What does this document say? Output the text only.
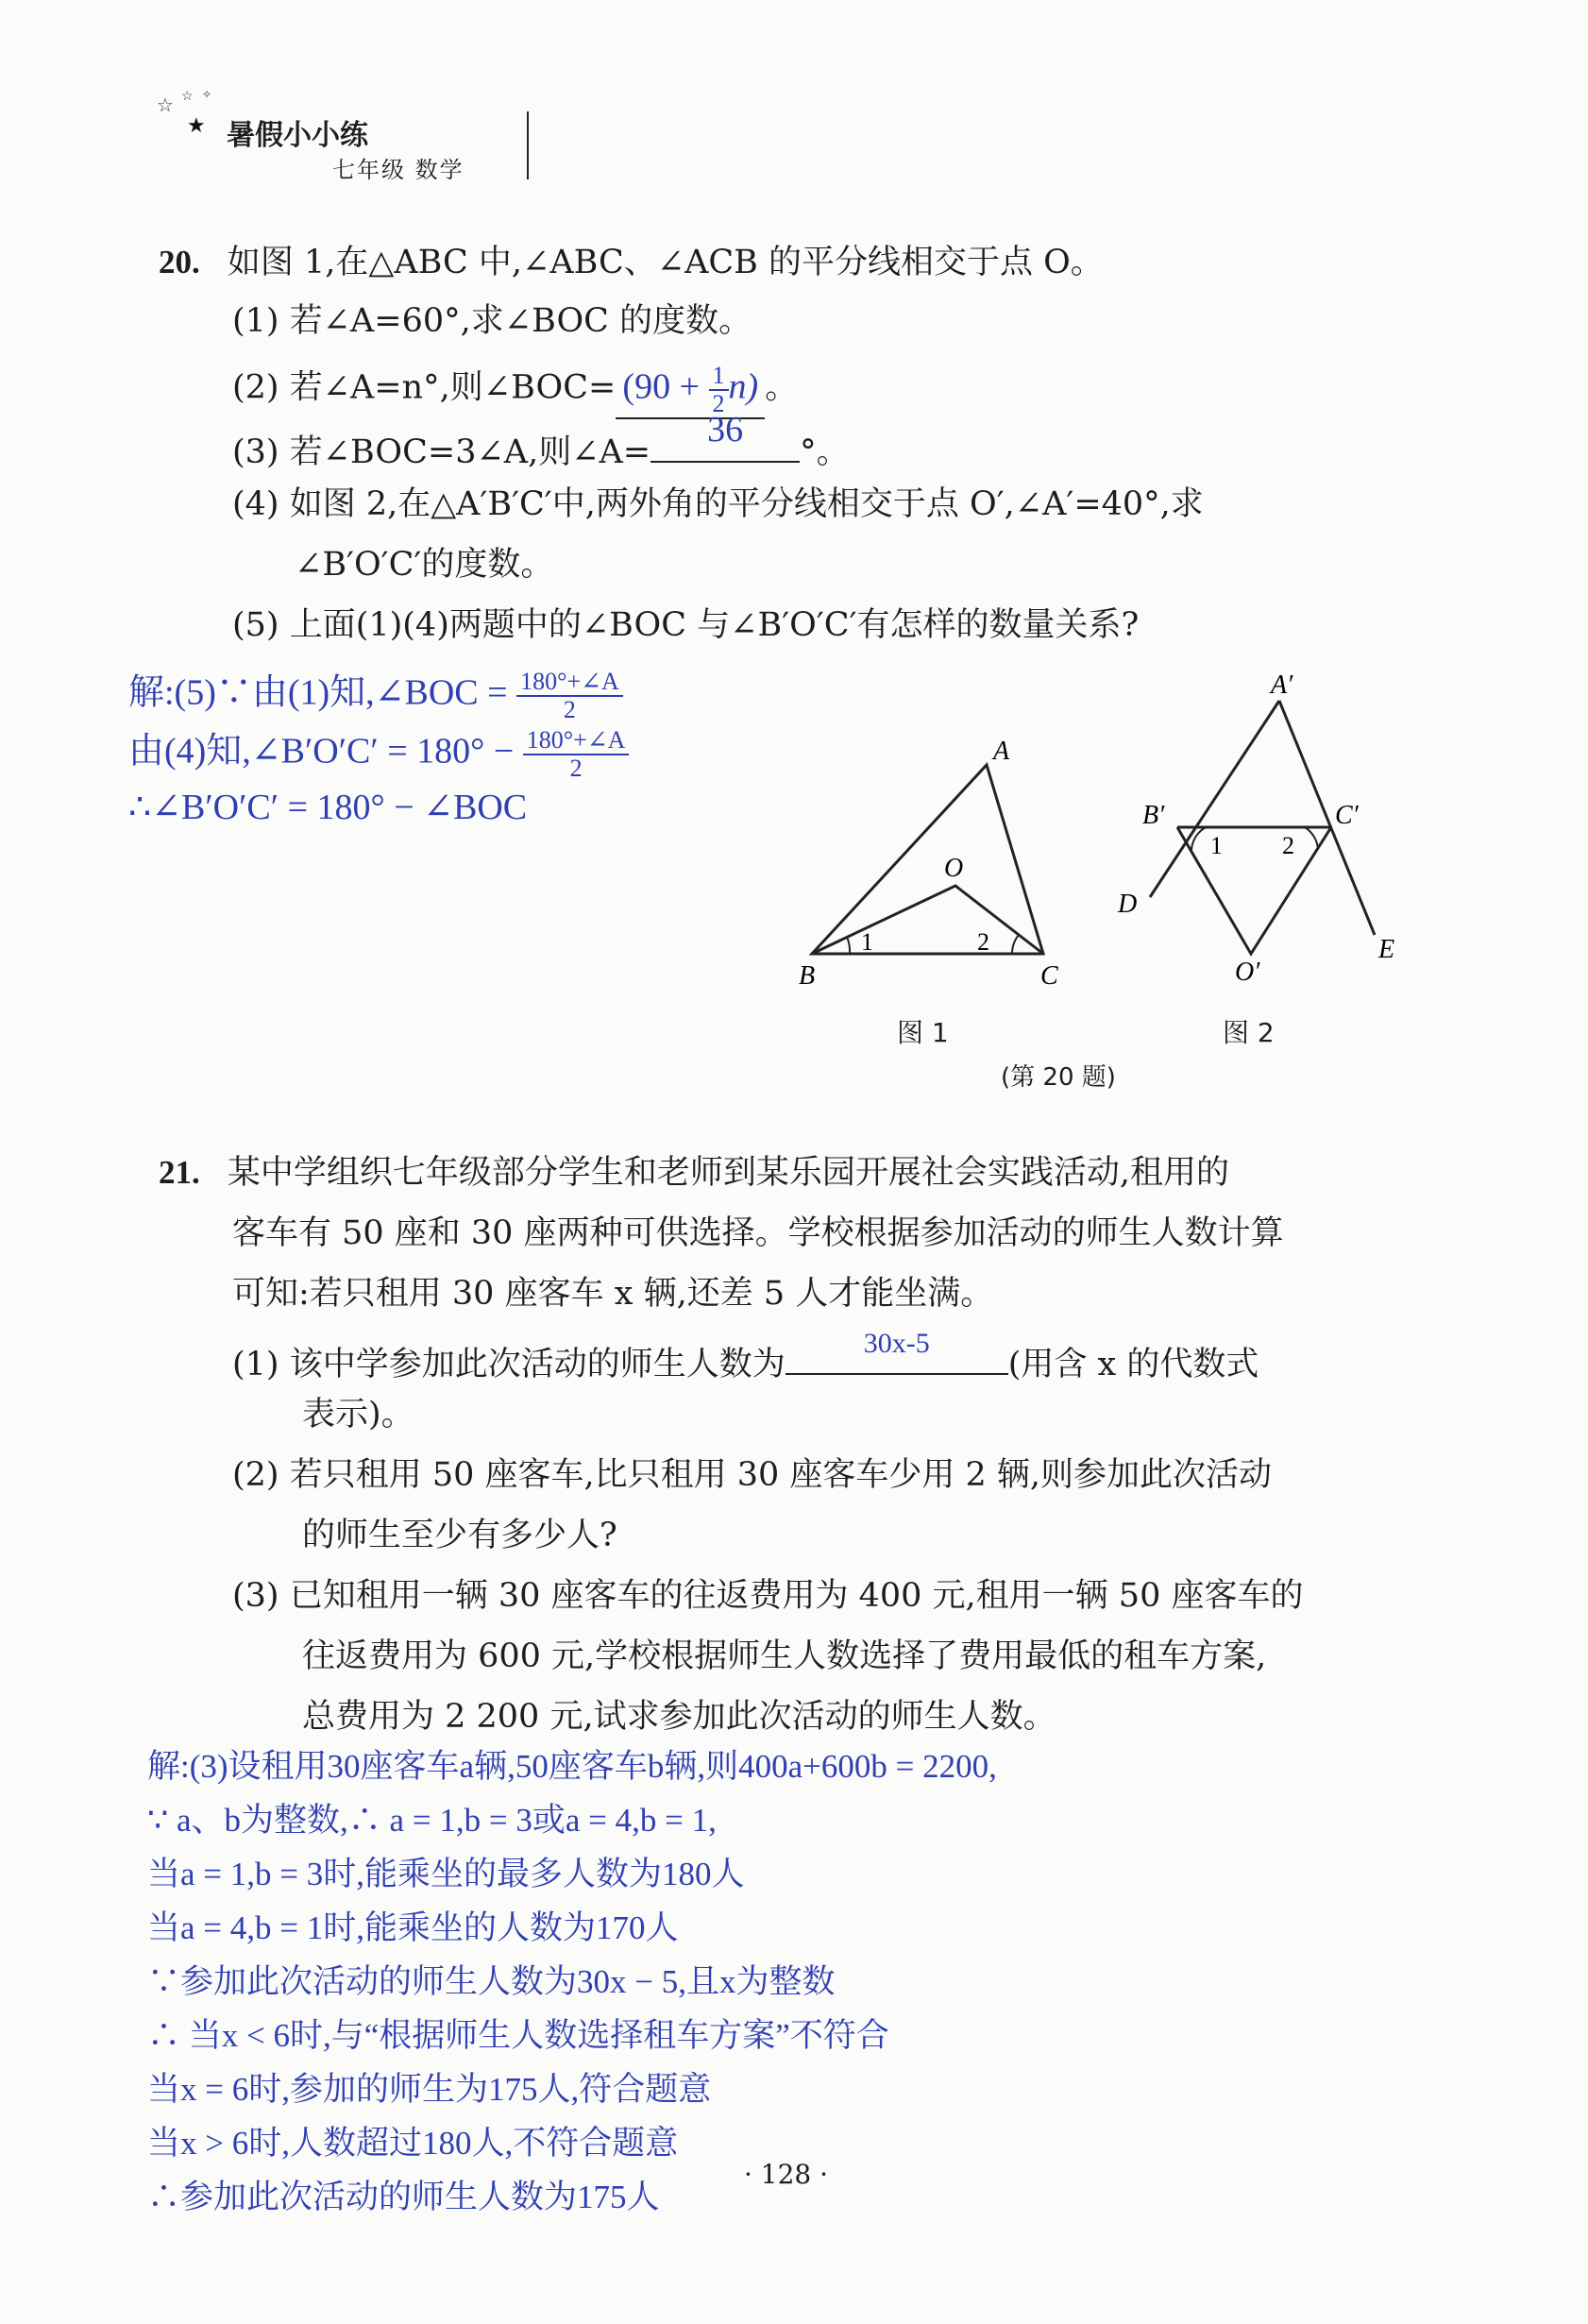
☆ ☆ ✧
★ 暑假小小练
七年级 数学
20. 如图 1,在△ABC 中,∠ABC、∠ACB 的平分线相交于点 O。
(1) 若∠A=60°,求∠BOC 的度数。
(2) 若∠A=n°,则∠BOC= $(90 + \frac{1}{2} n)$ 。
(3) 若∠BOC=3∠A,则∠A=
36
°。
(4) 如图 2,在△A′B′C′中,两外角的平分线相交于点 O′,∠A′=40°,求
∠B′O′C′的度数。
(5) 上面(1)(4)两题中的∠BOC 与∠B′O′C′有怎样的数量关系?
解:(5)∵由(1)知,∠BOC = $\frac{180^\circ+\angle A}{2}$
由(4)知,∠B′O′C′ = $180^\circ - \frac{180^\circ+\angle A}{2}$
∴∠B′O′C′ = 180° − ∠BOC
A
B	C
O
1	2
图 1
A′
B′	C′
D
E
O′
1 2
图 2
(第 20 题)
21. 某中学组织七年级部分学生和老师到某乐园开展社会实践活动,租用的
客车有 50 座和 30 座两种可供选择。学校根据参加活动的师生人数计算
可知:若只租用 30 座客车 x 辆,还差 5 人才能坐满。
(1) 该中学参加此次活动的师生人数为
30x-5
(用含 x 的代数式
表示)。
(2) 若只租用 50 座客车,比只租用 30 座客车少用 2 辆,则参加此次活动
的师生至少有多少人?
(3) 已知租用一辆 30 座客车的往返费用为 400 元,租用一辆 50 座客车的
往返费用为 600 元,学校根据师生人数选择了费用最低的租车方案,
总费用为 2 200 元,试求参加此次活动的师生人数。
解:(3)设租用30座客车a辆,50座客车b辆,则400a+600b = 2200,
∵ a、b为整数,∴ a = 1,b = 3或a = 4,b = 1,
当a = 1,b = 3时,能乘坐的最多人数为180人
当a = 4,b = 1时,能乘坐的人数为170人
∵参加此次活动的师生人数为30x − 5,且x为整数
∴ 当x < 6时,与“根据师生人数选择租车方案”不符合
当x = 6时,参加的师生为175人,符合题意
当x > 6时,人数超过180人,不符合题意
∴参加此次活动的师生人数为175人
· 128 ·
